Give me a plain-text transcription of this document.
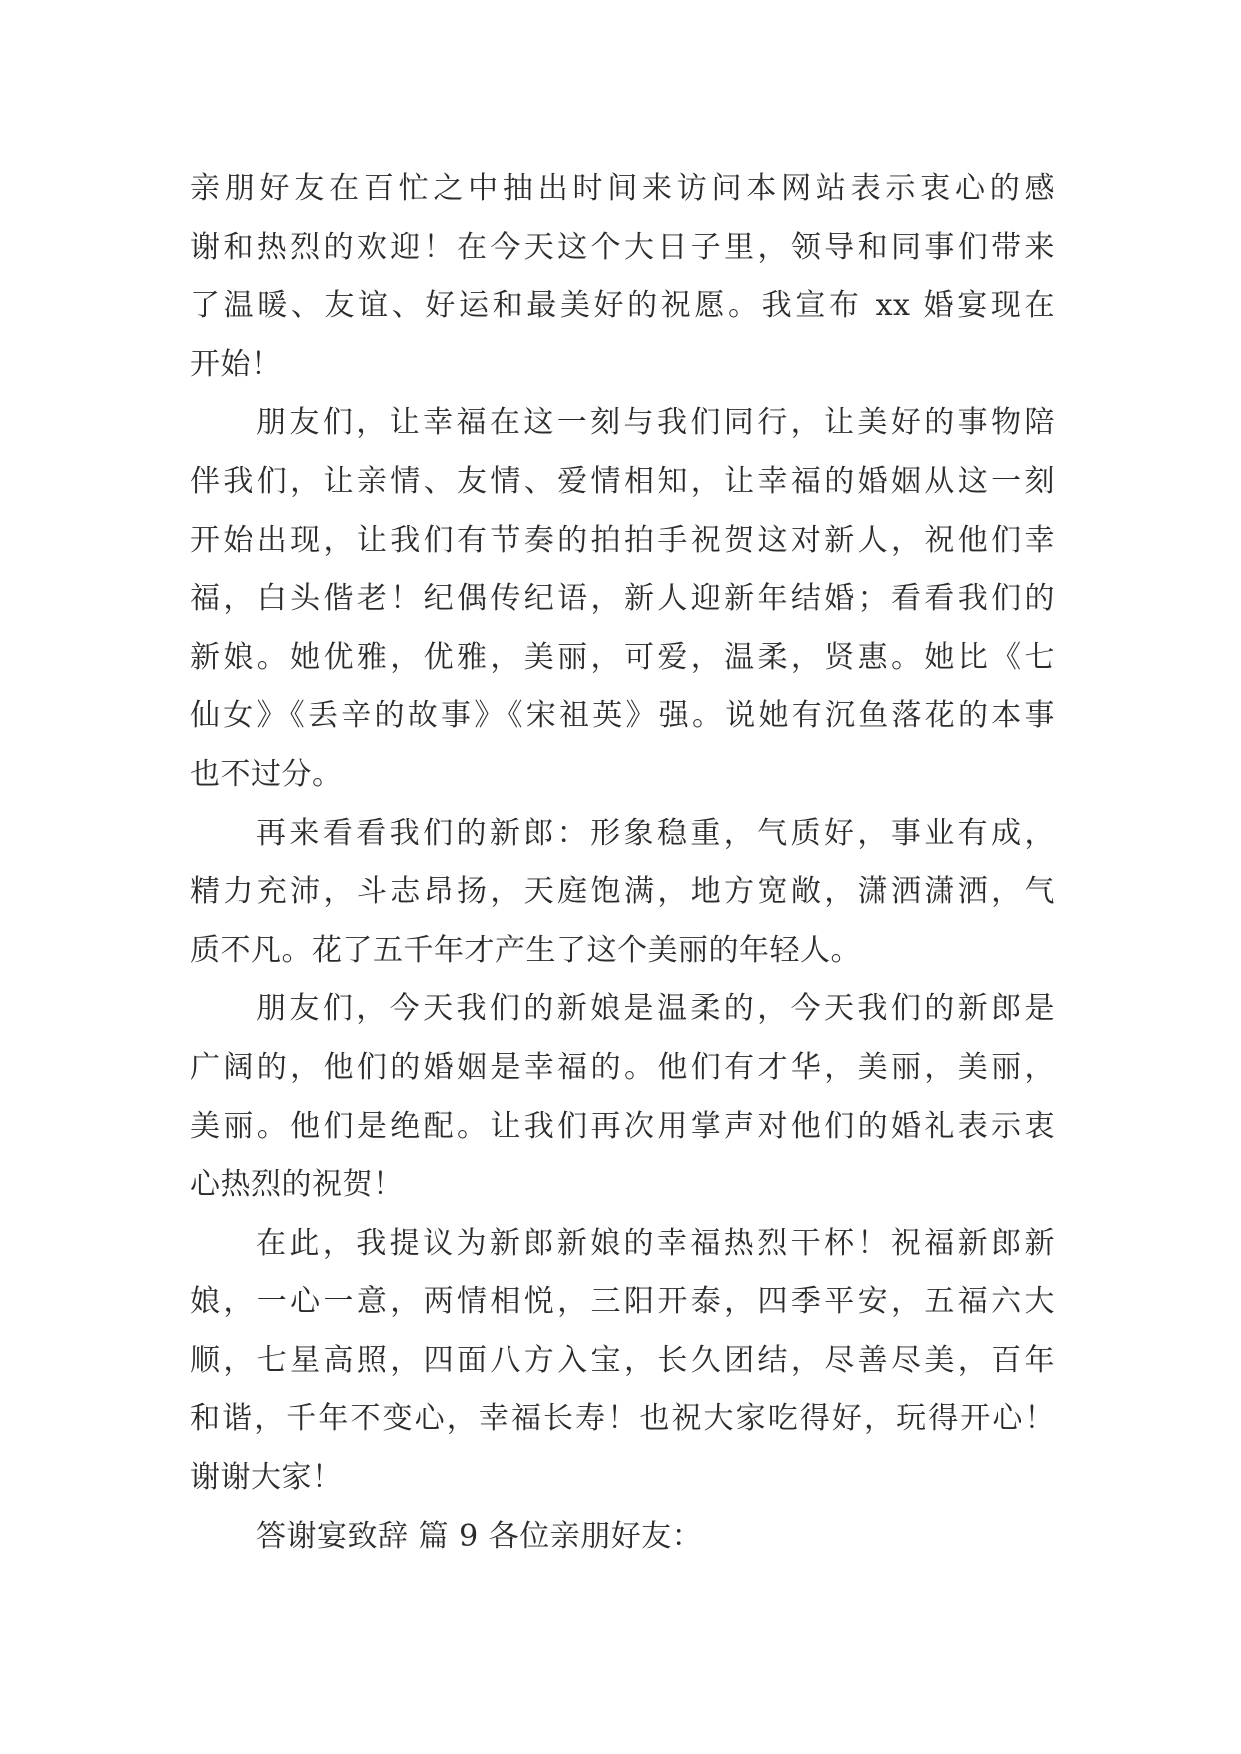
亲朋好友在百忙之中抽出时间来访问本网站表示衷心的感
谢和热烈的欢迎！在今天这个大日子里，领导和同事们带来
了温暖、友谊、好运和最美好的祝愿。我宣布 xx 婚宴现在
开始！
朋友们，让幸福在这一刻与我们同行，让美好的事物陪
伴我们，让亲情、友情、爱情相知，让幸福的婚姻从这一刻
开始出现，让我们有节奏的拍拍手祝贺这对新人，祝他们幸
福，白头偕老！纪偶传纪语，新人迎新年结婚；看看我们的
新娘。她优雅，优雅，美丽，可爱，温柔，贤惠。她比《七
仙女》《丢辛的故事》《宋祖英》强。说她有沉鱼落花的本事
也不过分。
再来看看我们的新郎：形象稳重，气质好，事业有成，
精力充沛，斗志昂扬，天庭饱满，地方宽敞，潇洒潇洒，气
质不凡。花了五千年才产生了这个美丽的年轻人。
朋友们，今天我们的新娘是温柔的，今天我们的新郎是
广阔的，他们的婚姻是幸福的。他们有才华，美丽，美丽，
美丽。他们是绝配。让我们再次用掌声对他们的婚礼表示衷
心热烈的祝贺！
在此，我提议为新郎新娘的幸福热烈干杯！祝福新郎新
娘，一心一意，两情相悦，三阳开泰，四季平安，五福六大
顺，七星高照，四面八方入宝，长久团结，尽善尽美，百年
和谐，千年不变心，幸福长寿！也祝大家吃得好，玩得开心！
谢谢大家！
答谢宴致辞 篇 9 各位亲朋好友：
